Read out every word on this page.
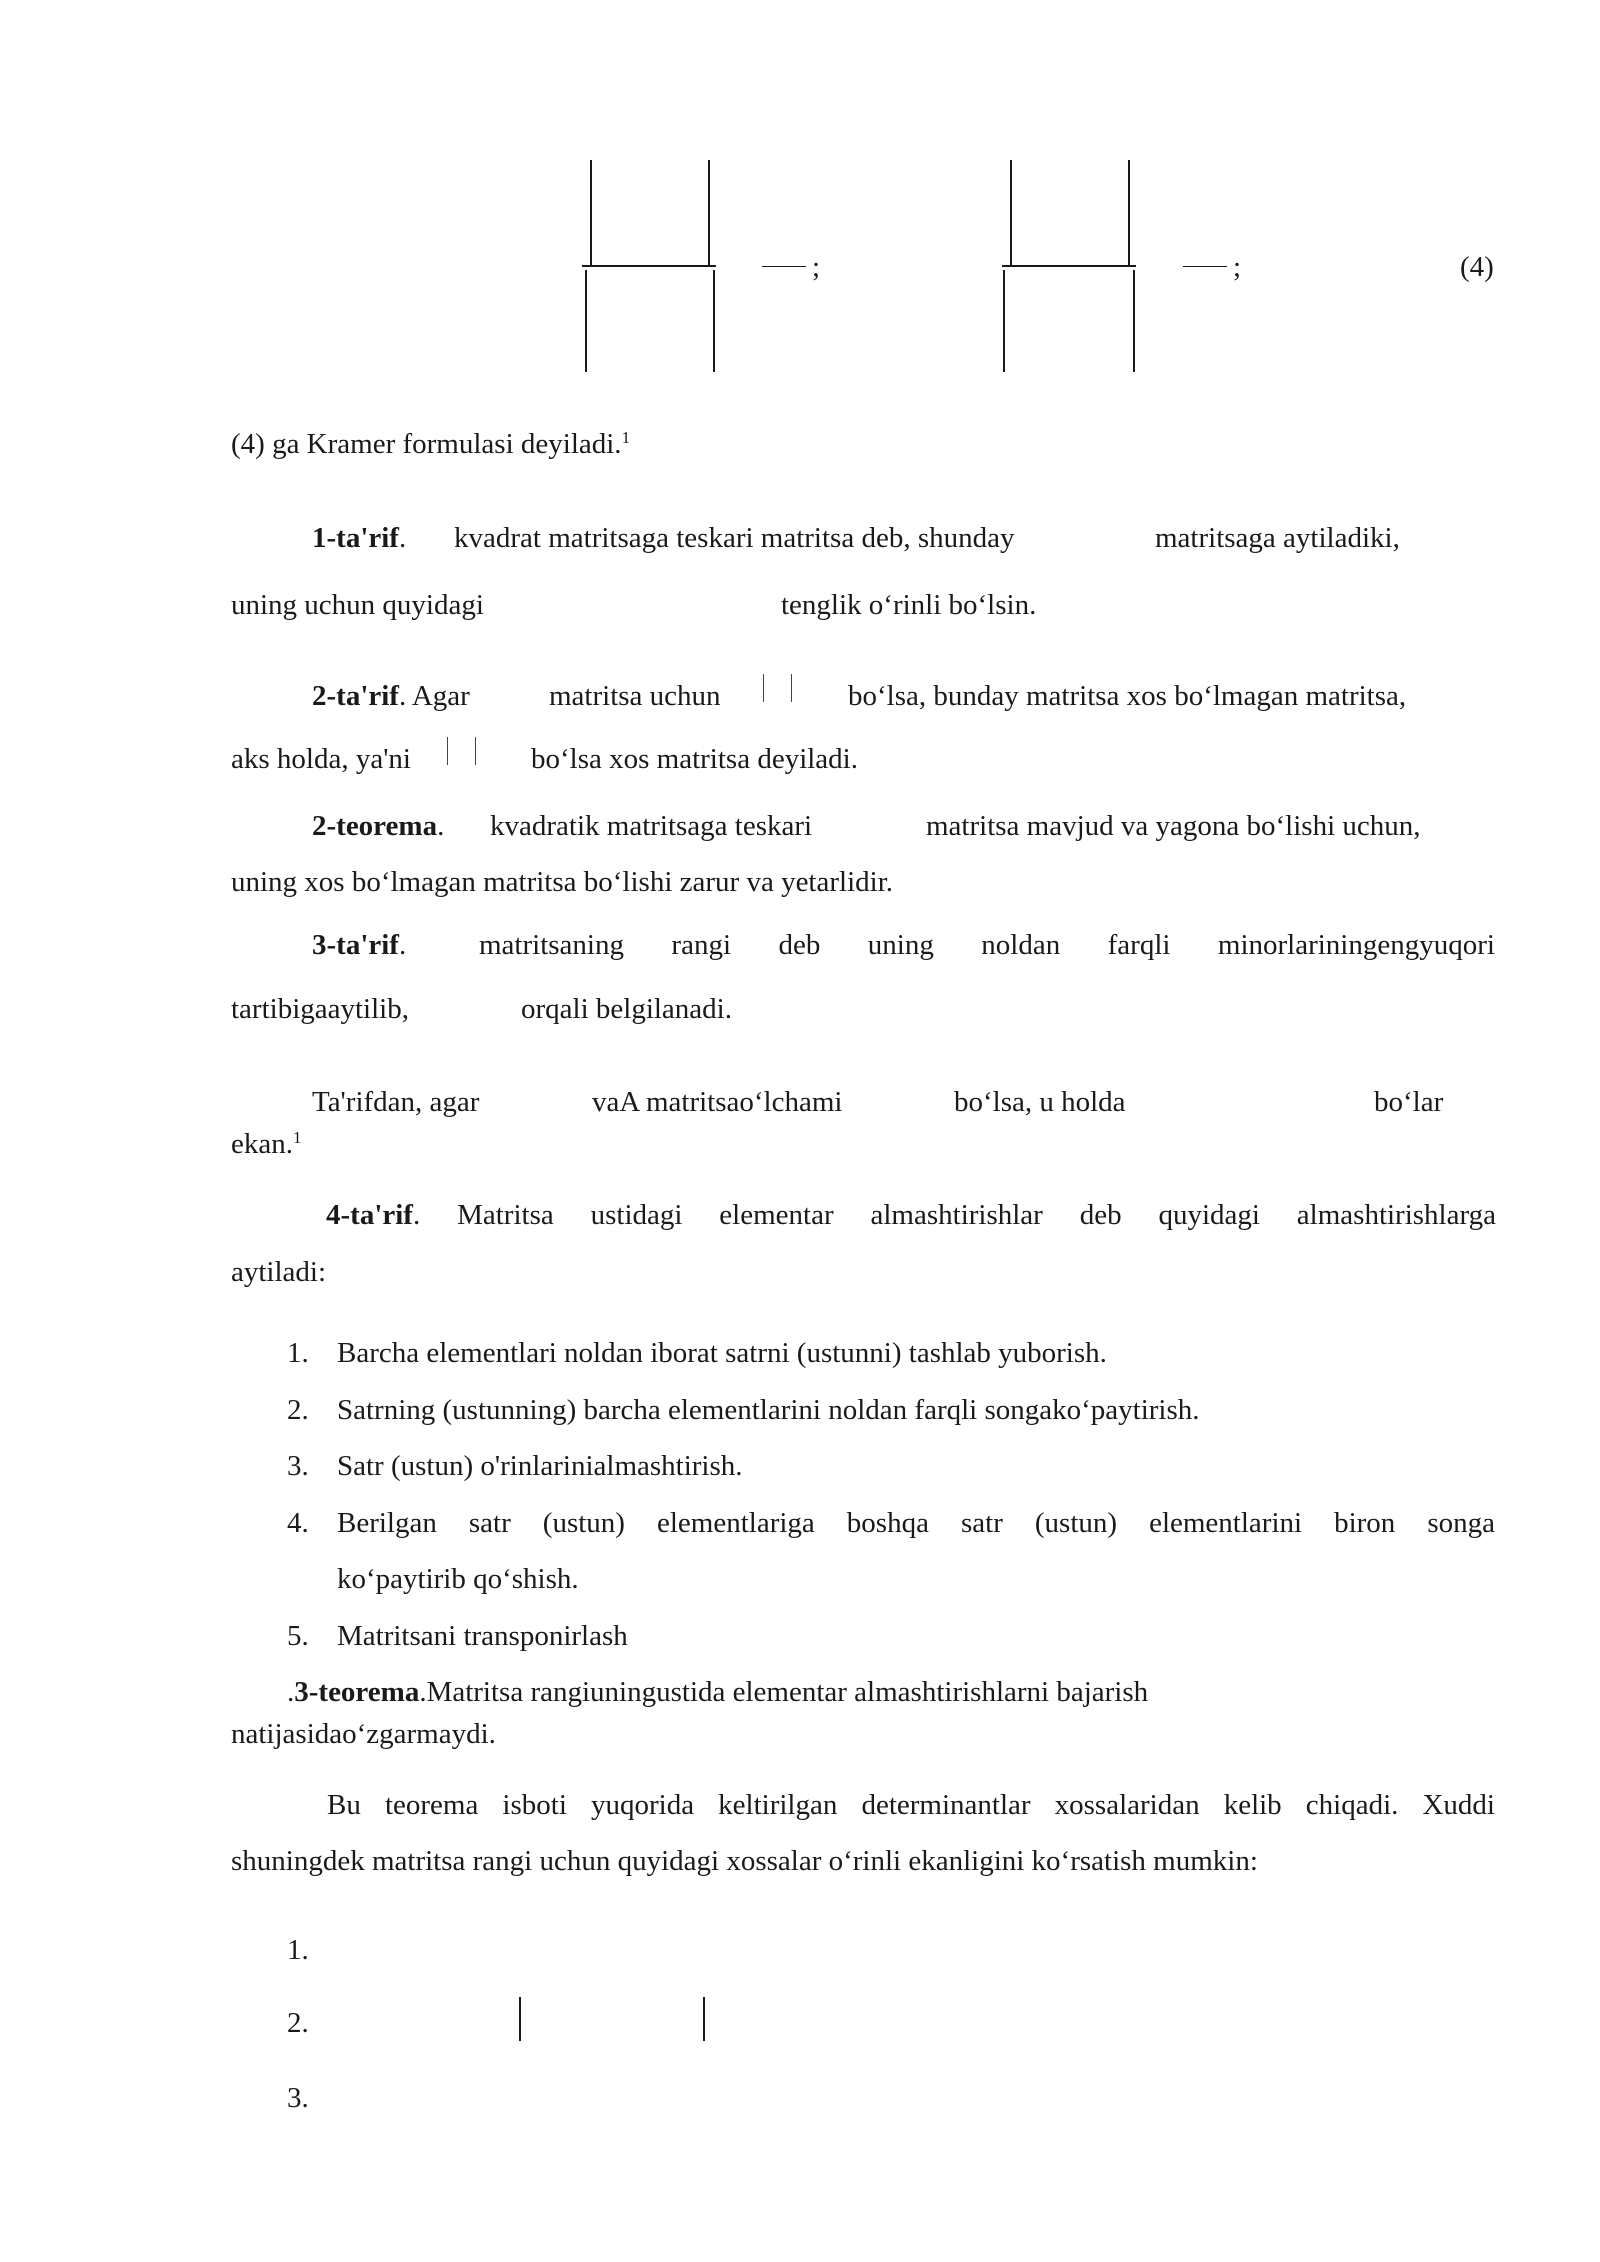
;	;	(4)
(4) ga Kramer formulasi deyiladi.$^1$
1-ta'rif. kvadrat matritsaga teskari matritsa deb, shunday	matritsaga aytiladiki,
uning uchun quyidagi	tenglik o‘rinli bo‘lsin.
2-ta'rif. Agar	matritsa uchun	bo‘lsa, bunday matritsa xos bo‘lmagan matritsa,
aks holda, ya'ni	bo‘lsa xos matritsa deyiladi.
2-teorema. kvadratik matritsaga teskari	matritsa mavjud va yagona bo‘lishi uchun,
uning xos bo‘lmagan matritsa bo‘lishi zarur va yetarlidir.
3-ta'rif.	matritsaning rangi deb uning noldan farqli minorlariningengyuqori
tartibigaaytilib,	orqali belgilanadi.
Ta'rifdan, agar	vaA matritsao‘lchami	bo‘lsa, u holda	bo‘lar
ekan.$^1$
4-ta'rif. Matritsa ustidagi elementar almashtirishlar deb quyidagi almashtirishlarga
aytiladi:
1. Barcha elementlari noldan iborat satrni (ustunni) tashlab yuborish.
2. Satrning (ustunning) barcha elementlarini noldan farqli songako‘paytirish.
3. Satr (ustun) o'rinlarinialmashtirish.
4. Berilgan satr (ustun) elementlariga boshqa satr (ustun) elementlarini biron songa
ko‘paytirib qo‘shish.
5. Matritsani transponirlash
.3-teorema.Matritsa rangiuningustida elementar almashtirishlarni bajarish
natijasidao‘zgarmaydi.
Bu teorema isboti yuqorida keltirilgan determinantlar xossalaridan kelib chiqadi. Xuddi
shuningdek matritsa rangi uchun quyidagi xossalar o‘rinli ekanligini ko‘rsatish mumkin:
1.
2.
3.
